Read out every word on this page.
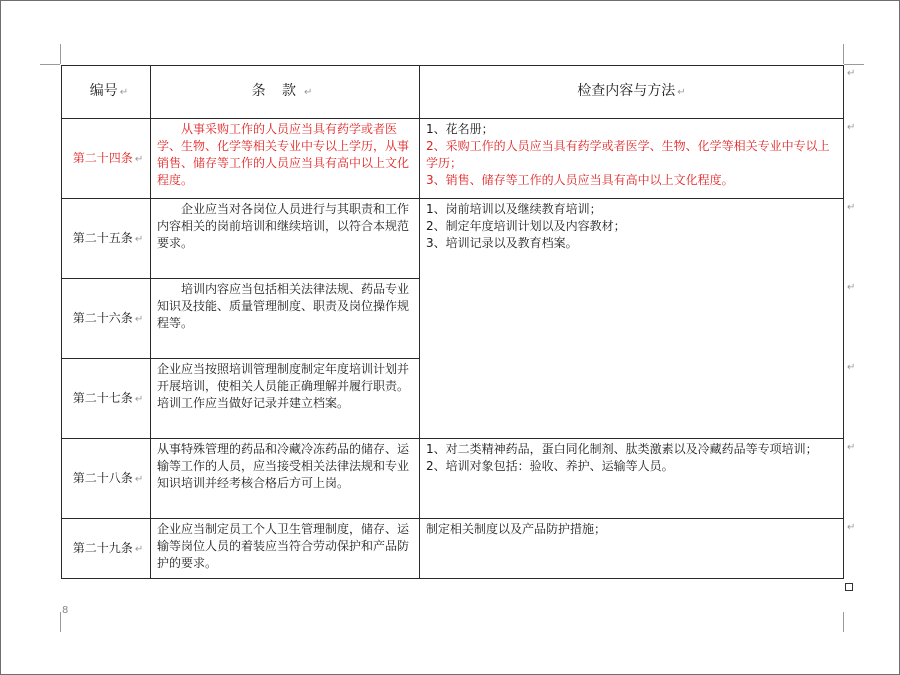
8
编号 ↵	条 款 ↵	检查内容与方法 ↵
第二十四条 ↵	从事采购工作的人员应当具有药学或者医学、生物、化学等相关专业中专以上学历，从事销售、储存等工作的人员应当具有高中以上文化程度。	1、花名册；
2、采购工作的人员应当具有药学或者医学、生物、化学等相关专业中专以上学历；
3、销售、储存等工作的人员应当具有高中以上文化程度。

第二十五条 ↵	企业应当对各岗位人员进行与其职责和工作内容相关的岗前培训和继续培训，以符合本规范要求。	1、岗前培训以及继续教育培训；
2、制定年度培训计划以及内容教材；
3、培训记录以及教育档案。

第二十六条 ↵	培训内容应当包括相关法律法规、药品专业知识及技能、质量管理制度、职责及岗位操作规程等。	

第二十七条 ↵	企业应当按照培训管理制度制定年度培训计划并开展培训，使相关人员能正确理解并履行职责。培训工作应当做好记录并建立档案。	

第二十八条 ↵	从事特殊管理的药品和冷藏冷冻药品的储存、运输等工作的人员，应当接受相关法律法规和专业知识培训并经考核合格后方可上岗。	1、对二类精神药品，蛋白同化制剂、肽类激素以及冷藏药品等专项培训；
2、培训对象包括：验收、养护、运输等人员。

第二十九条 ↵	企业应当制定员工个人卫生管理制度，储存、运输等岗位人员的着装应当符合劳动保护和产品防护的要求。	制定相关制度以及产品防护措施；
↵
↵
↵
↵
↵
↵
↵
